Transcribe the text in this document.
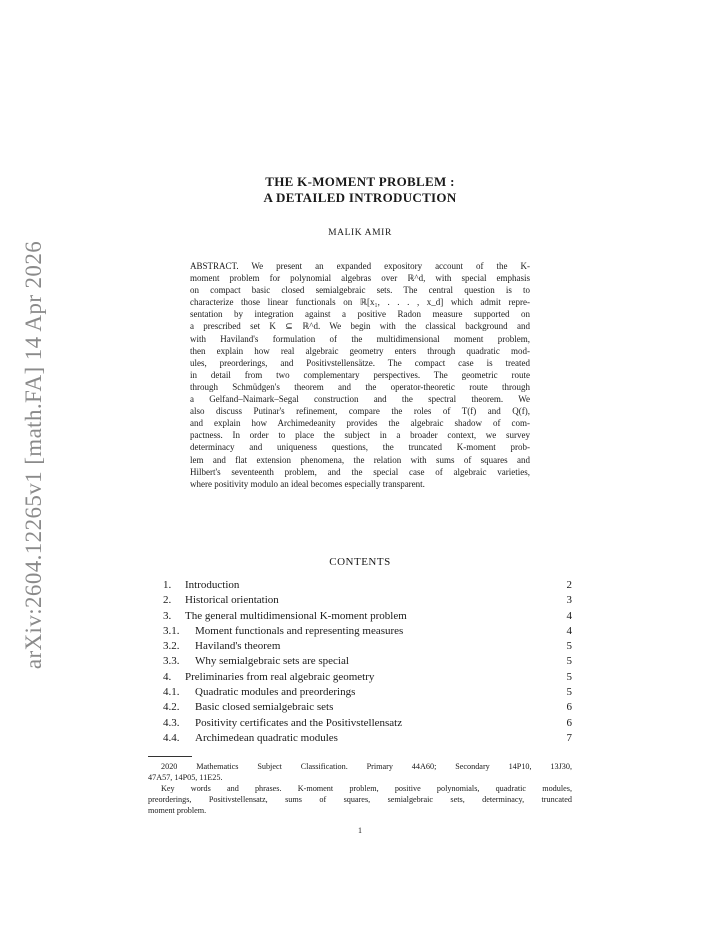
arXiv:2604.12265v1 [math.FA] 14 Apr 2026
THE K-MOMENT PROBLEM :
A DETAILED INTRODUCTION
MALIK AMIR
ABSTRACT. We present an expanded expository account of the K-
moment problem for polynomial algebras over ℝ^d, with special emphasis
on compact basic closed semialgebraic sets. The central question is to
characterize those linear functionals on ℝ[x₁, . . . , x_d] which admit repre-
sentation by integration against a positive Radon measure supported on
a prescribed set K ⊆ ℝ^d. We begin with the classical background and
with Haviland's formulation of the multidimensional moment problem,
then explain how real algebraic geometry enters through quadratic mod-
ules, preorderings, and Positivstellensätze. The compact case is treated
in detail from two complementary perspectives. The geometric route
through Schmüdgen's theorem and the operator-theoretic route through
a Gelfand–Naimark–Segal construction and the spectral theorem. We
also discuss Putinar's refinement, compare the roles of T(f) and Q(f),
and explain how Archimedeanity provides the algebraic shadow of com-
pactness. In order to place the subject in a broader context, we survey
determinacy and uniqueness questions, the truncated K-moment prob-
lem and flat extension phenomena, the relation with sums of squares and
Hilbert's seventeenth problem, and the special case of algebraic varieties,
where positivity modulo an ideal becomes especially transparent.
CONTENTS
1.	Introduction	2
2.	Historical orientation	3
3.	The general multidimensional K-moment problem	4
3.1.	Moment functionals and representing measures	4
3.2.	Haviland's theorem	5
3.3.	Why semialgebraic sets are special	5
4.	Preliminaries from real algebraic geometry	5
4.1.	Quadratic modules and preorderings	5
4.2.	Basic closed semialgebraic sets	6
4.3.	Positivity certificates and the Positivstellensatz	6
4.4.	Archimedean quadratic modules	7
2020 Mathematics Subject Classification. Primary 44A60; Secondary 14P10, 13J30,
47A57, 14P05, 11E25.
Key words and phrases. K-moment problem, positive polynomials, quadratic modules,
preorderings, Positivstellensatz, sums of squares, semialgebraic sets, determinacy, truncated
moment problem.
1
